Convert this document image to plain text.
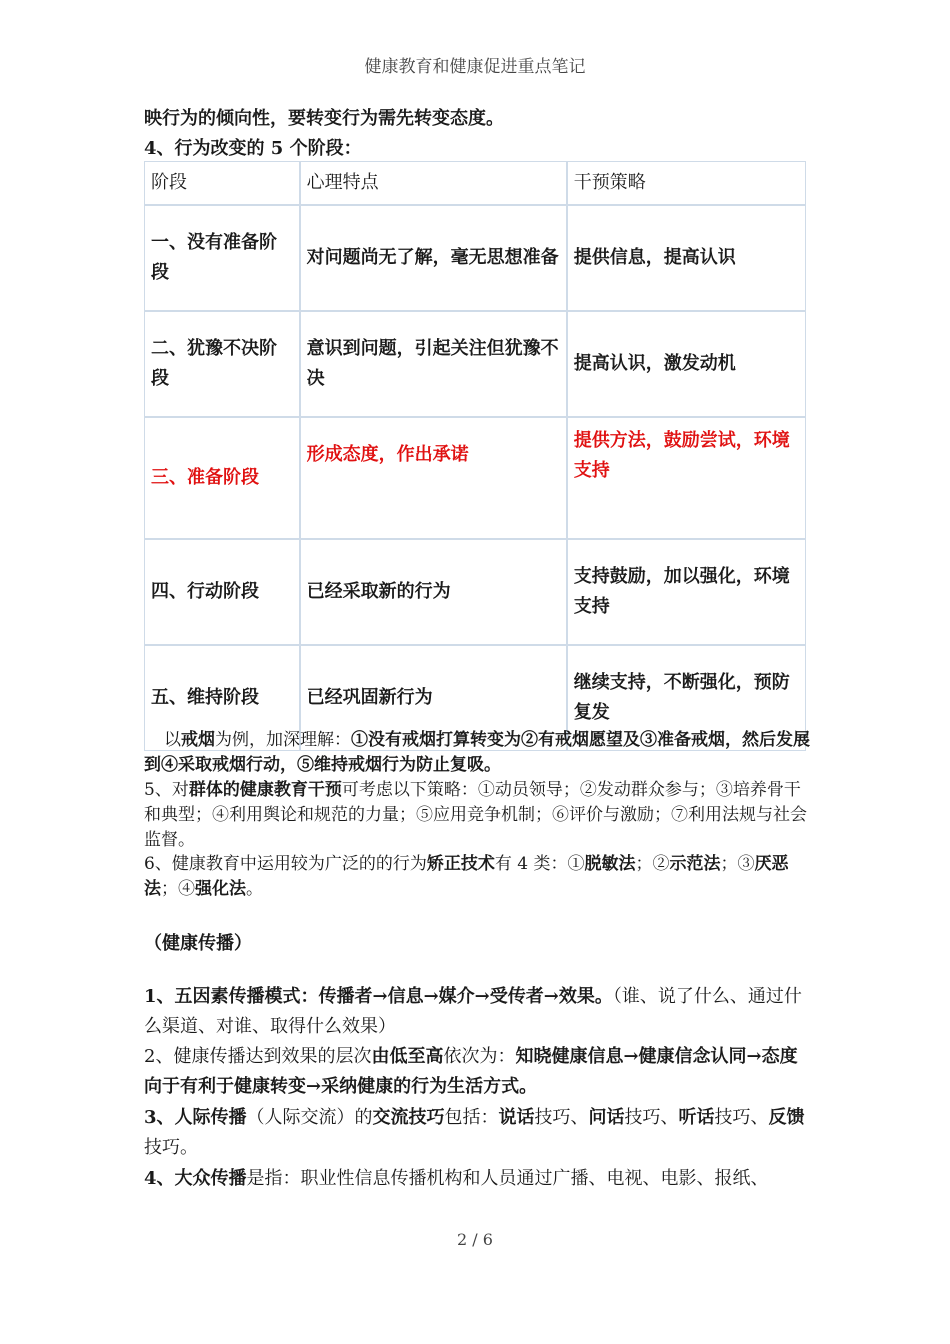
健康教育和健康促进重点笔记
映行为的倾向性，要转变行为需先转变态度。
4、行为改变的 5 个阶段：
阶段	心理特点	干预策略
一、没有准备阶段	对问题尚无了解，毫无思想准备	提供信息，提高认识
二、犹豫不决阶段	意识到问题，引起关注但犹豫不决	提高认识，激发动机
三、准备阶段	形成态度，作出承诺	提供方法，鼓励尝试，环境支持
四、行动阶段	已经采取新的行为	支持鼓励，加以强化，环境支持
五、维持阶段	已经巩固新行为	继续支持，不断强化，预防复发
以戒烟为例，加深理解：①没有戒烟打算转变为②有戒烟愿望及③准备戒烟，然后发展到④采取戒烟行动，⑤维持戒烟行为防止复吸。
5、对群体的健康教育干预可考虑以下策略：①动员领导；②发动群众参与；③培养骨干和典型；④利用舆论和规范的力量；⑤应用竞争机制；⑥评价与激励；⑦利用法规与社会监督。
6、健康教育中运用较为广泛的的行为矫正技术有 4 类：①脱敏法；②示范法；③厌恶法；④强化法。
（健康传播）
1、五因素传播模式：传播者→信息→媒介→受传者→效果。（谁、说了什么、通过什么渠道、对谁、取得什么效果）
2、健康传播达到效果的层次由低至高依次为：知晓健康信息→健康信念认同→态度向于有利于健康转变→采纳健康的行为生活方式。
3、人际传播（人际交流）的交流技巧包括：说话技巧、问话技巧、听话技巧、反馈技巧。
4、大众传播是指：职业性信息传播机构和人员通过广播、电视、电影、报纸、
2 / 6
